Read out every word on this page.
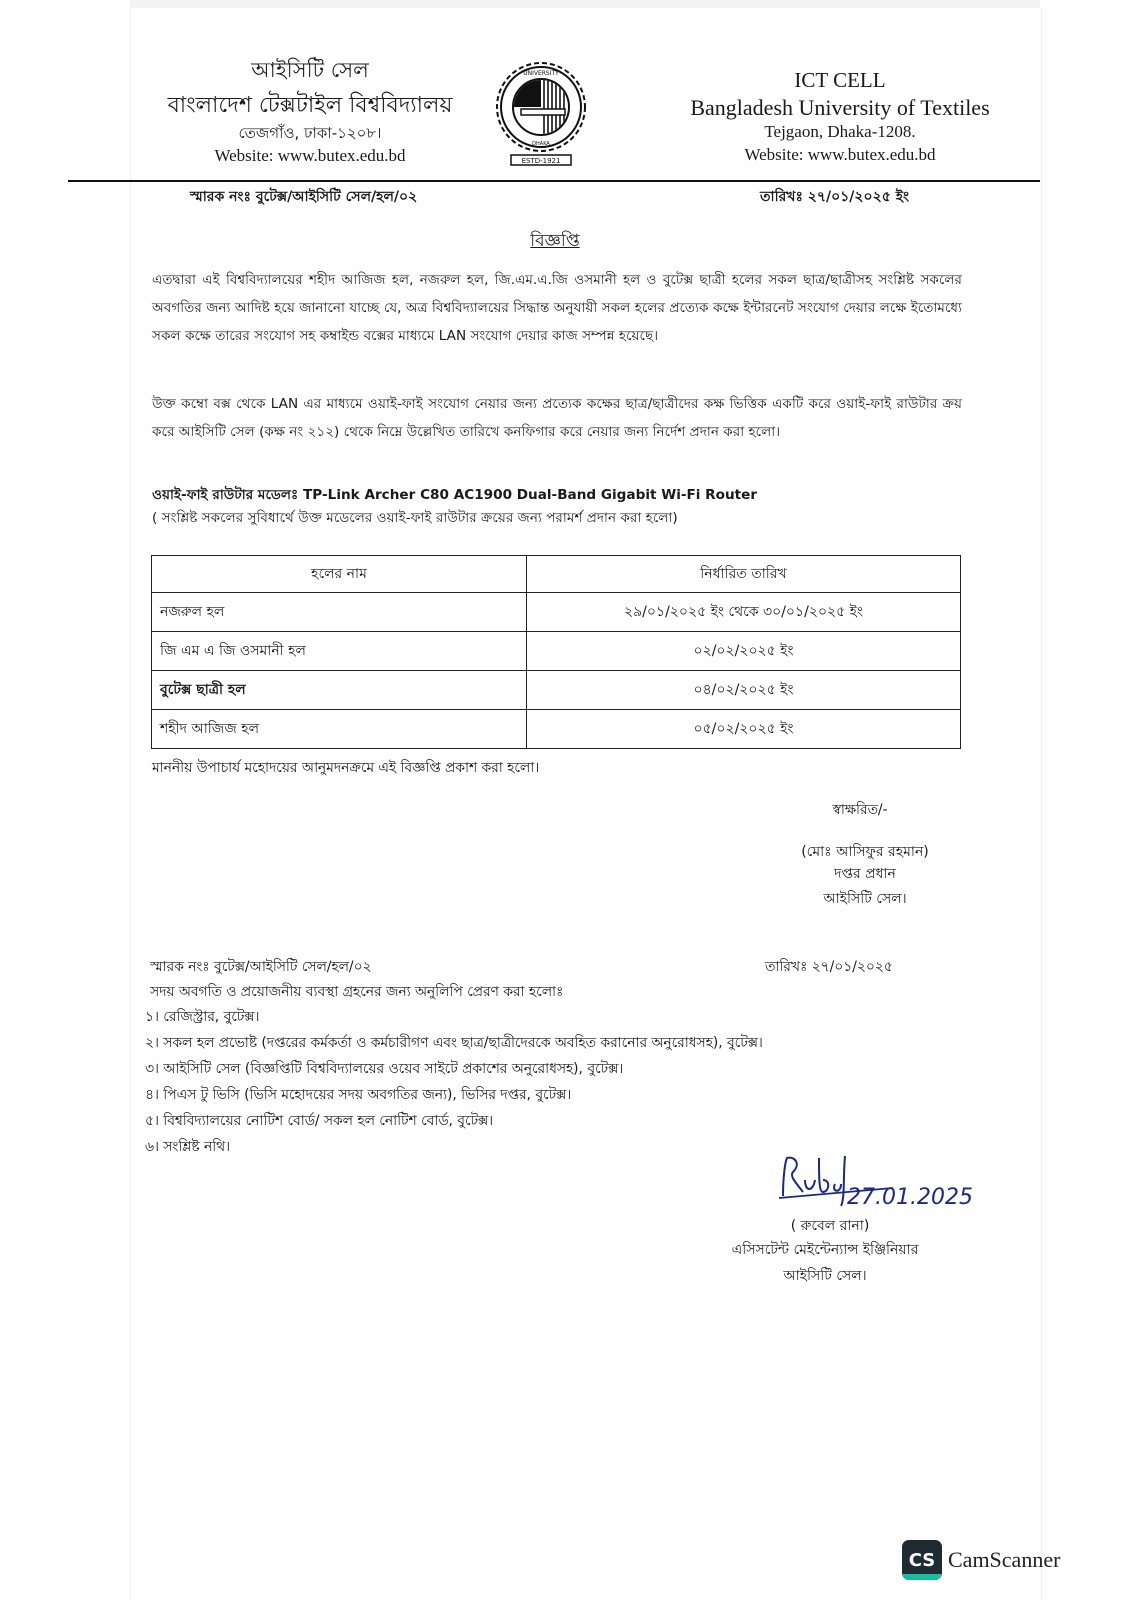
আইসিটি সেল
বাংলাদেশ টেক্সটাইল বিশ্ববিদ্যালয়
তেজগাঁও, ঢাকা-১২০৮।
Website: www.butex.edu.bd
UNIVERSITY
DHAKA
ESTD-1921
ICT CELL
Bangladesh University of Textiles
Tejgaon, Dhaka-1208.
Website: www.butex.edu.bd
স্মারক নংঃ বুটেক্স/আইসিটি সেল/হল/০২	তারিখঃ ২৭/০১/২০২৫ ইং
বিজ্ঞপ্তি
এতদ্বারা এই বিশ্ববিদ্যালয়ের শহীদ আজিজ হল, নজরুল হল, জি.এম.এ.জি ওসমানী হল ও বুটেক্স ছাত্রী হলের সকল ছাত্র/ছাত্রীসহ সংশ্লিষ্ট সকলের অবগতির জন্য আদিষ্ট হয়ে জানানো যাচ্ছে যে, অত্র বিশ্ববিদ্যালয়ের সিদ্ধান্ত অনুযায়ী সকল হলের প্রত্যেক কক্ষে ইন্টারনেট সংযোগ দেয়ার লক্ষে ইতোমধ্যে সকল কক্ষে তারের সংযোগ সহ কম্বাইন্ড বক্সের মাধ্যমে LAN সংযোগ দেয়ার কাজ সম্পন্ন হয়েছে।
উক্ত কম্বো বক্স থেকে LAN এর মাধ্যমে ওয়াই-ফাই সংযোগ নেয়ার জন্য প্রত্যেক কক্ষের ছাত্র/ছাত্রীদের কক্ষ ভিত্তিক একটি করে ওয়াই-ফাই রাউটার ক্রয় করে আইসিটি সেল (কক্ষ নং ২১২) থেকে নিম্নে উল্লেখিত তারিখে কনফিগার করে নেয়ার জন্য নির্দেশ প্রদান করা হলো।
ওয়াই-ফাই রাউটার মডেলঃ TP-Link Archer C80 AC1900 Dual-Band Gigabit Wi-Fi Router
( সংশ্লিষ্ট সকলের সুবিধার্থে উক্ত মডেলের ওয়াই-ফাই রাউটার ক্রয়ের জন্য পরামর্শ প্রদান করা হলো)
হলের নাম	নির্ধারিত তারিখ
নজরুল হল	২৯/০১/২০২৫ ইং থেকে ৩০/০১/২০২৫ ইং
জি এম এ জি ওসমানী হল	০২/০২/২০২৫ ইং
বুটেক্স ছাত্রী হল	০৪/০২/২০২৫ ইং
শহীদ আজিজ হল	০৫/০২/২০২৫ ইং
মাননীয় উপাচার্য মহোদয়ের আনুমদনক্রমে এই বিজ্ঞপ্তি প্রকাশ করা হলো।
স্বাক্ষরিত/-
(মোঃ আসিফুর রহমান)
দপ্তর প্রধান
আইসিটি সেল।
স্মারক নংঃ বুটেক্স/আইসিটি সেল/হল/০২	তারিখঃ ২৭/০১/২০২৫
সদয় অবগতি ও প্রয়োজনীয় ব্যবস্থা গ্রহনের জন্য অনুলিপি প্রেরণ করা হলোঃ
১। রেজিস্ট্রার, বুটেক্স।
২। সকল হল প্রভোষ্ট (দপ্তরের কর্মকর্তা ও কর্মচারীগণ এবং ছাত্র/ছাত্রীদেরকে অবহিত করানোর অনুরোধসহ), বুটেক্স।
৩। আইসিটি সেল (বিজ্ঞপ্তিটি বিশ্ববিদ্যালয়ের ওয়েব সাইটে প্রকাশের অনুরোধসহ), বুটেক্স।
৪। পিএস টু ভিসি (ভিসি মহোদয়ের সদয় অবগতির জন্য), ভিসির দপ্তর, বুটেক্স।
৫। বিশ্ববিদ্যালয়ের নোটিশ বোর্ড/ সকল হল নোটিশ বোর্ড, বুটেক্স।
৬। সংশ্লিষ্ট নথি।
27.01.2025
( রুবেল রানা)
এসিসটেন্ট মেইন্টেন্যান্স ইঞ্জিনিয়ার
আইসিটি সেল।
CS CamScanner
